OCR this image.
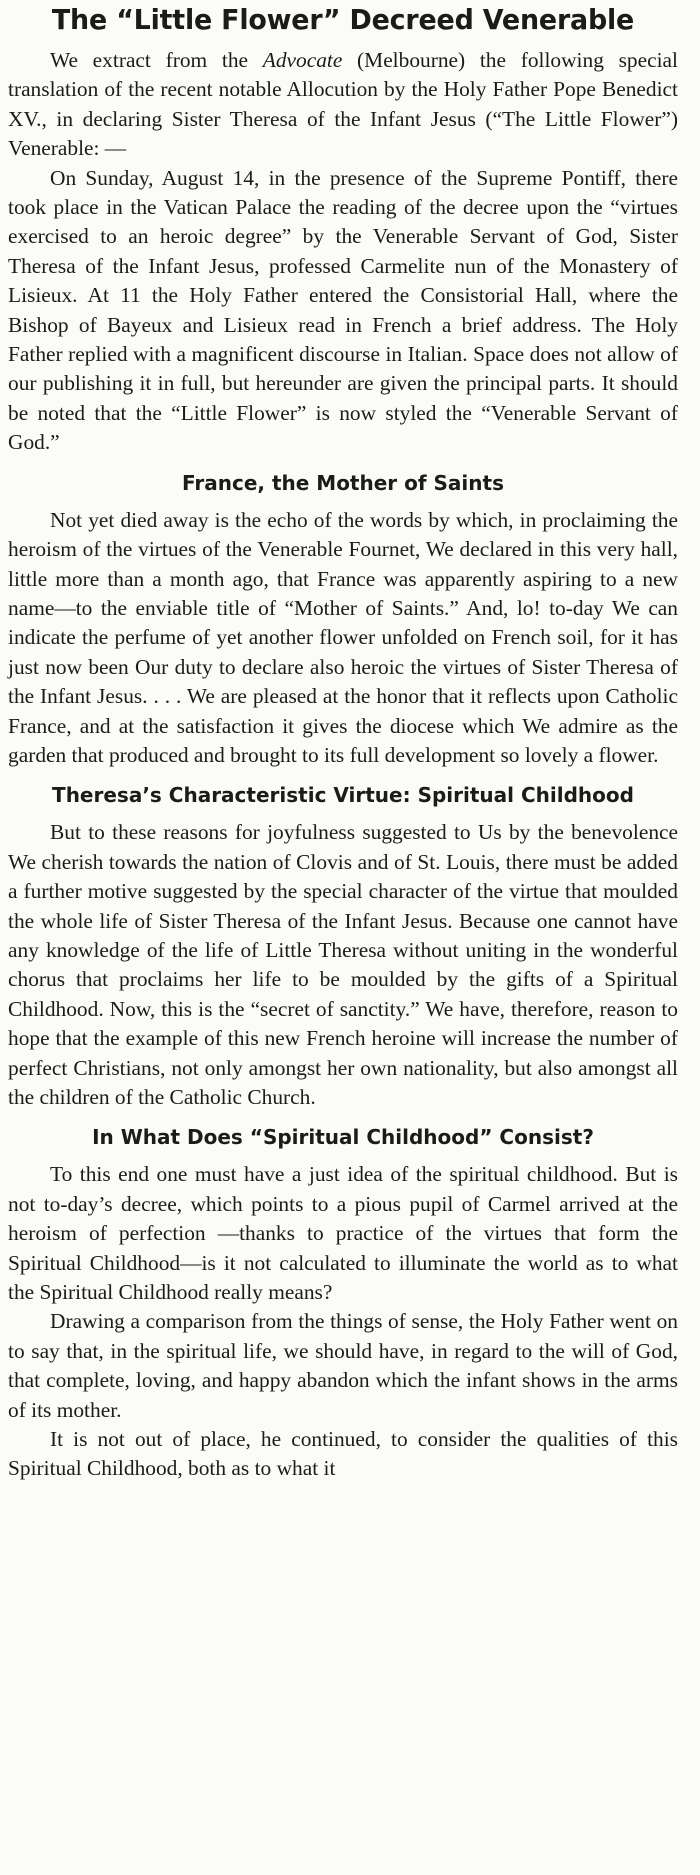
The “Little Flower” Decreed Venerable

We extract from the Advocate (Melbourne) the following special translation of the recent notable Allocution by the Holy Father Pope Benedict XV., in declaring Sister Theresa of the Infant Jesus (“The Little Flower”) Venerable: —

On Sunday, August 14, in the presence of the Supreme Pontiff, there took place in the Vatican Palace the reading of the decree upon the “virtues exercised to an heroic degree” by the Venerable Servant of God, Sister Theresa of the Infant Jesus, professed Carmelite nun of the Monastery of Lisieux. At 11 the Holy Father entered the Consistorial Hall, where the Bishop of Bayeux and Lisieux read in French a brief address. The Holy Father replied with a magnificent discourse in Italian. Space does not allow of our publishing it in full, but hereunder are given the principal parts. It should be noted that the “Little Flower” is now styled the “Venerable Servant of God.”

France, the Mother of Saints

Not yet died away is the echo of the words by which, in proclaiming the heroism of the virtues of the Venerable Fournet, We declared in this very hall, little more than a month ago, that France was apparently aspiring to a new name—to the enviable title of “Mother of Saints.” And, lo! to-day We can indicate the perfume of yet another flower unfolded on French soil, for it has just now been Our duty to declare also heroic the virtues of Sister Theresa of the Infant Jesus. . . . We are pleased at the honor that it reflects upon Catholic France, and at the satisfaction it gives the diocese which We admire as the garden that produced and brought to its full development so lovely a flower.

Theresa’s Characteristic Virtue: Spiritual Childhood

But to these reasons for joyfulness suggested to Us by the benevolence We cherish towards the nation of Clovis and of St. Louis, there must be added a further motive suggested by the special character of the virtue that moulded the whole life of Sister Theresa of the Infant Jesus. Because one cannot have any knowledge of the life of Little Theresa without uniting in the wonderful chorus that proclaims her life to be moulded by the gifts of a Spiritual Childhood. Now, this is the “secret of sanctity.” We have, therefore, reason to hope that the example of this new French heroine will increase the number of perfect Christians, not only amongst her own nationality, but also amongst all the children of the Catholic Church.

In What Does “Spiritual Childhood” Consist?

To this end one must have a just idea of the spiritual childhood. But is not to-day’s decree, which points to a pious pupil of Carmel arrived at the heroism of perfection —thanks to practice of the virtues that form the Spiritual Childhood—is it not calculated to illuminate the world as to what the Spiritual Childhood really means?

Drawing a comparison from the things of sense, the Holy Father went on to say that, in the spiritual life, we should have, in regard to the will of God, that complete, loving, and happy abandon which the infant shows in the arms of its mother.

It is not out of place, he continued, to consider the qualities of this Spiritual Childhood, both as to what it
